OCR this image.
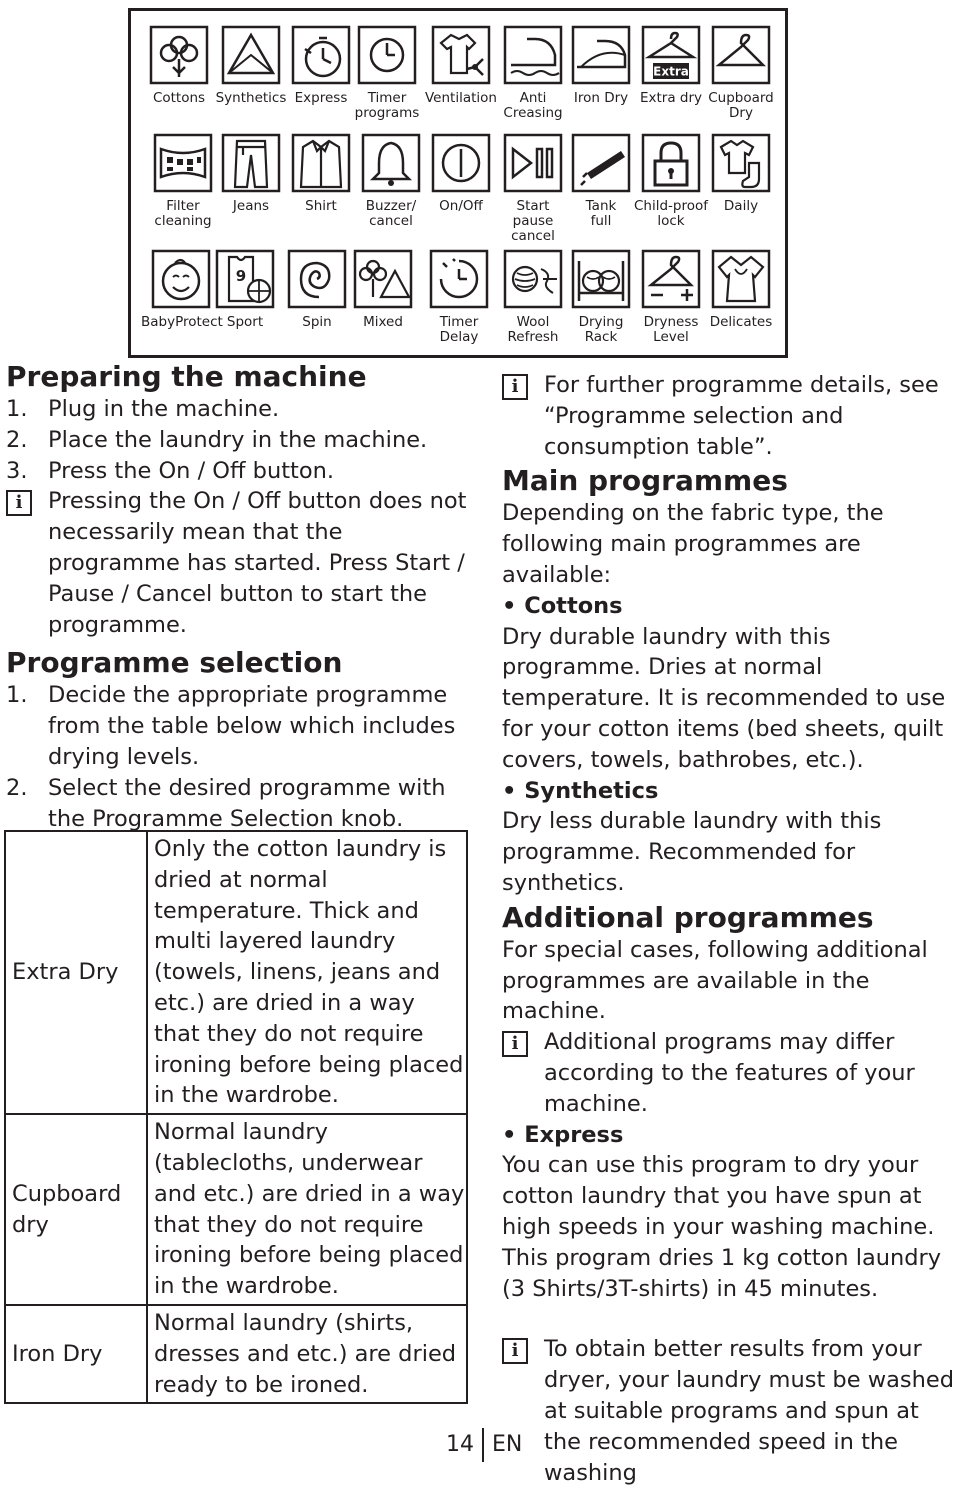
Cottons Synthetics Express	Timer
programs
Ventilation	Anti
Creasing
Iron Dry
Extra
Extra dry Cupboard
Dry
Filter
cleaning
Jeans	Shirt	Buzzer/
cancel
On/Off	Start
pause
cancel
Tank
full
Child-proof
lock
Daily
BabyProtect
9
Sport	Spin	Mixed	Timer
Delay
Wool
Refresh
Drying
Rack
Dryness
Level
Delicates
Preparing the machine
1. Plug in the machine.
2. Place the laundry in the machine.
3. Press the On / Off button.
i	Pressing the On / Off button does not necessarily mean that the programme has started. Press Start / Pause / Cancel button to start the programme.
Programme selection
1. Decide the appropriate programme from the table below which includes drying levels.
2. Select the desired programme with the Programme Selection knob.
Extra Dry	Only the cotton laundry is dried at normal temperature. Thick and multi layered laundry (towels, linens, jeans and etc.) are dried in a way that they do not require ironing before being placed in the wardrobe.
Cupboard dry	Normal laundry (tablecloths, underwear and etc.) are dried in a way that they do not require ironing before being placed in the wardrobe.
Iron Dry	Normal laundry (shirts, dresses and etc.) are dried ready to be ironed.
i	For further programme details, see “Programme selection and consumption table”.
Main programmes

Depending on the fabric type, the following main programmes are available:

• Cottons

Dry durable laundry with this programme. Dries at normal temperature. It is recommended to use for your cotton items (bed sheets, quilt covers, towels, bathrobes, etc.).

• Synthetics

Dry less durable laundry with this programme. Recommended for synthetics.

Additional programmes

For special cases, following additional programmes are available in the machine.

i	Additional programs may differ according to the features of your machine.

• Express

You can use this program to dry your cotton laundry that you have spun at high speeds in your washing machine. This program dries 1 kg cotton laundry (3 Shirts/3T-shirts) in 45 minutes.

i	To obtain better results from your dryer, your laundry must be washed at suitable programs and spun at the recommended speed in the washing
14 EN
